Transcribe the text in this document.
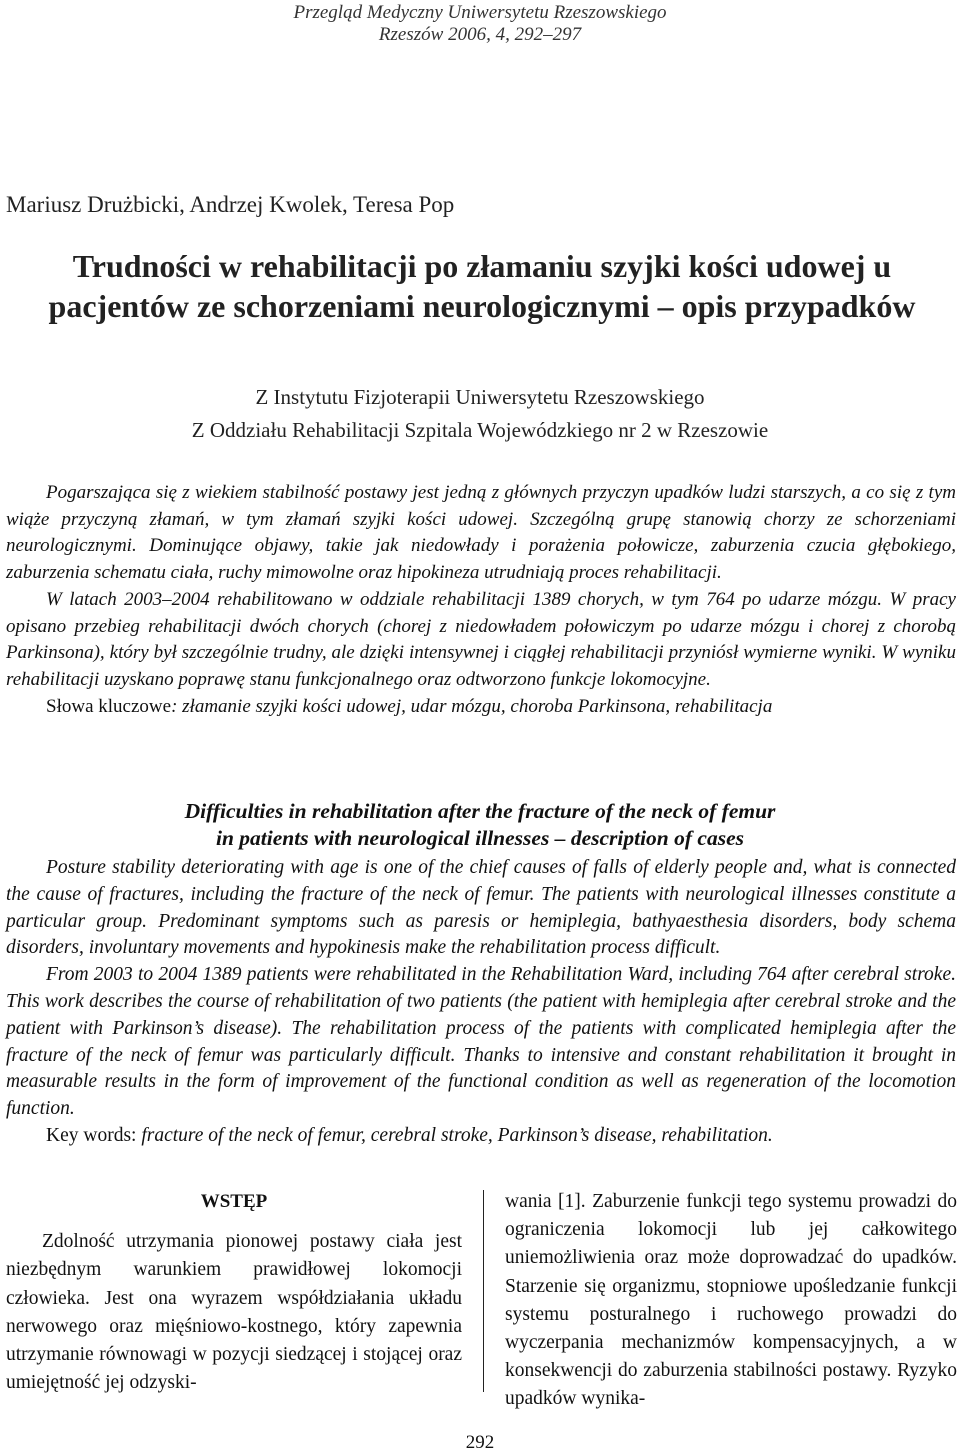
Przegląd Medyczny Uniwersytetu Rzeszowskiego
Rzeszów 2006, 4, 292–297
Mariusz Drużbicki, Andrzej Kwolek, Teresa Pop
Trudności w rehabilitacji po złamaniu szyjki kości udowej u pacjentów ze schorzeniami neurologicznymi – opis przypadków
Z Instytutu Fizjoterapii Uniwersytetu Rzeszowskiego
Z Oddziału Rehabilitacji Szpitala Wojewódzkiego nr 2 w Rzeszowie

Pogarszająca się z wiekiem stabilność postawy jest jedną z głównych przyczyn upadków ludzi starszych, a co się z tym wiąże przyczyną złamań, w tym złamań szyjki kości udowej. Szczególną grupę stanowią chorzy ze schorzeniami neurologicznymi. Dominujące objawy, takie jak niedowłady i porażenia połowicze, zaburzenia czucia głębokiego, zaburzenia schematu ciała, ruchy mimowolne oraz hipokineza utrudniają proces rehabilitacji.

W latach 2003–2004 rehabilitowano w oddziale rehabilitacji 1389 chorych, w tym 764 po udarze mózgu. W pracy opisano przebieg rehabilitacji dwóch chorych (chorej z niedowładem połowiczym po udarze mózgu i chorej z chorobą Parkinsona), który był szczególnie trudny, ale dzięki intensywnej i ciągłej rehabilitacji przyniósł wymierne wyniki. W wyniku rehabilitacji uzyskano poprawę stanu funkcjonalnego oraz odtworzono funkcje lokomocyjne.

Słowa kluczowe: złamanie szyjki kości udowej, udar mózgu, choroba Parkinsona, rehabilitacja

Difficulties in rehabilitation after the fracture of the neck of femur
in patients with neurological illnesses – description of cases

Posture stability deteriorating with age is one of the chief causes of falls of elderly people and, what is connected the cause of fractures, including the fracture of the neck of femur. The patients with neurological illnesses constitute a particular group. Predominant symptoms such as paresis or hemiplegia, bathyaesthesia disorders, body schema disorders, involuntary movements and hypokinesis make the rehabilitation process difficult.

From 2003 to 2004 1389 patients were rehabilitated in the Rehabilitation Ward, including 764 after cerebral stroke. This work describes the course of rehabilitation of two patients (the patient with hemiplegia after cerebral stroke and the patient with Parkinson’s disease). The rehabilitation process of the patients with complicated hemiplegia after the fracture of the neck of femur was particularly difficult. Thanks to intensive and constant rehabilitation it brought in measurable results in the form of improvement of the functional condition as well as regeneration of the locomotion function.

Key words: fracture of the neck of femur, cerebral stroke, Parkinson’s disease, rehabilitation.

WSTĘP

Zdolność utrzymania pionowej postawy ciała jest niezbędnym warunkiem prawidłowej lokomocji człowieka. Jest ona wyrazem współdziałania układu nerwowego oraz mięśniowo-kostnego, który zapewnia utrzymanie równowagi w pozycji siedzącej i stojącej oraz umiejętność jej odzyski-

wania [1]. Zaburzenie funkcji tego systemu prowadzi do ograniczenia lokomocji lub jej całkowitego uniemożliwienia oraz może doprowadzać do upadków. Starzenie się organizmu, stopniowe upośledzanie funkcji systemu posturalnego i ruchowego prowadzi do wyczerpania mechanizmów kompensacyjnych, a w konsekwencji do zaburzenia stabilności postawy. Ryzyko upadków wynika-

292
